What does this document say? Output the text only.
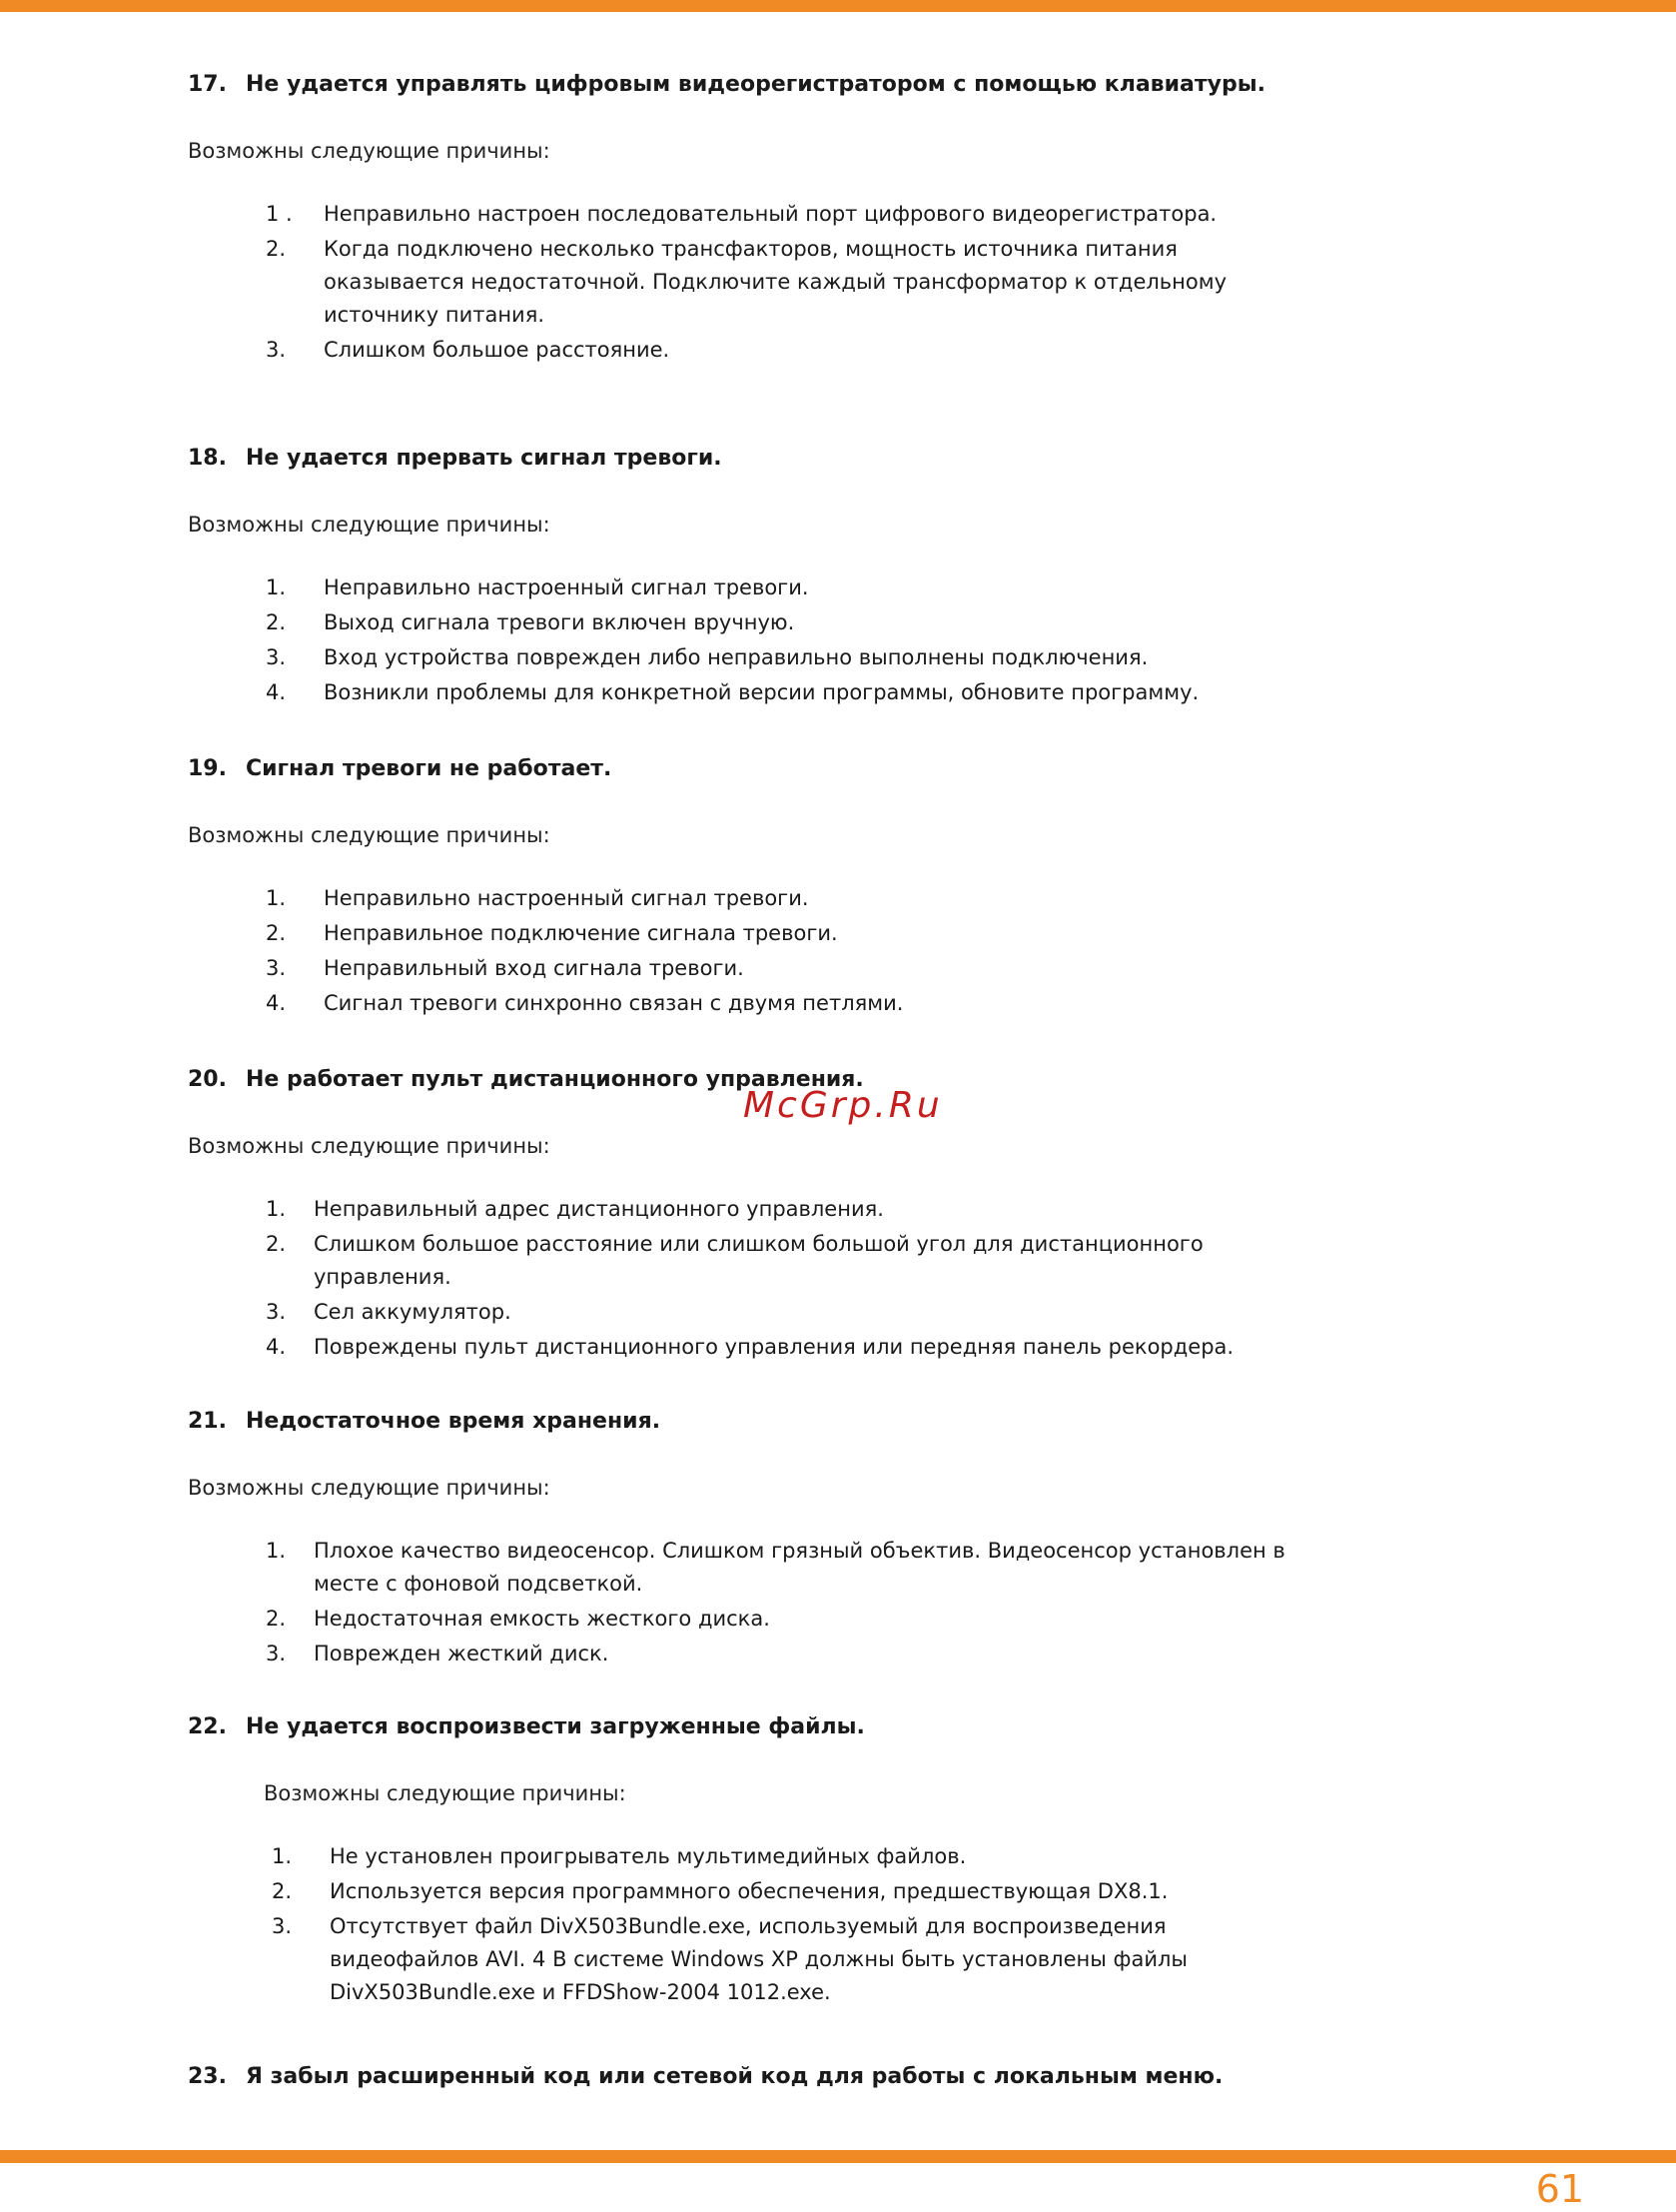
17. Не удается управлять цифровым видеорегистратором с помощью клавиатуры.
Возможны следующие причины:
1 . Неправильно настроен последовательный порт цифрового видеорегистратора.
2. Когда подключено несколько трансфакторов, мощность источника питания оказывается недостаточной. Подключите каждый трансформатор к отдельному источнику питания.
3. Слишком большое расстояние.
18. Не удается прервать сигнал тревоги.
Возможны следующие причины:
1. Неправильно настроенный сигнал тревоги.
2. Выход сигнала тревоги включен вручную.
3. Вход устройства поврежден либо неправильно выполнены подключения.
4. Возникли проблемы для конкретной версии программы, обновите программу.
19. Сигнал тревоги не работает.
Возможны следующие причины:
1. Неправильно настроенный сигнал тревоги.
2. Неправильное подключение сигнала тревоги.
3. Неправильный вход сигнала тревоги.
4. Сигнал тревоги синхронно связан с двумя петлями.
20. Не работает пульт дистанционного управления.
Возможны следующие причины:
1. Неправильный адрес дистанционного управления.
2. Слишком большое расстояние или слишком большой угол для дистанционного управления.
3. Сел аккумулятор.
4. Повреждены пульт дистанционного управления или передняя панель рекордера.
21. Недостаточное время хранения.
Возможны следующие причины:
1. Плохое качество видеосенсор. Слишком грязный объектив. Видеосенсор установлен в месте с фоновой подсветкой.
2. Недостаточная емкость жесткого диска.
3. Поврежден жесткий диск.
22. Не удается воспроизвести загруженные файлы.
Возможны следующие причины:
1. Не установлен проигрыватель мультимедийных файлов.
2. Используется версия программного обеспечения, предшествующая DX8.1.
3. Отсутствует файл DivX503Bundle.exe, используемый для воспроизведения видеофайлов AVI. 4 В системе Windows XP должны быть установлены файлы DivX503Bundle.exe и FFDShow-2004 1012.exe.
23. Я забыл расширенный код или сетевой код для работы с локальным меню.
McGrp.Ru
61
